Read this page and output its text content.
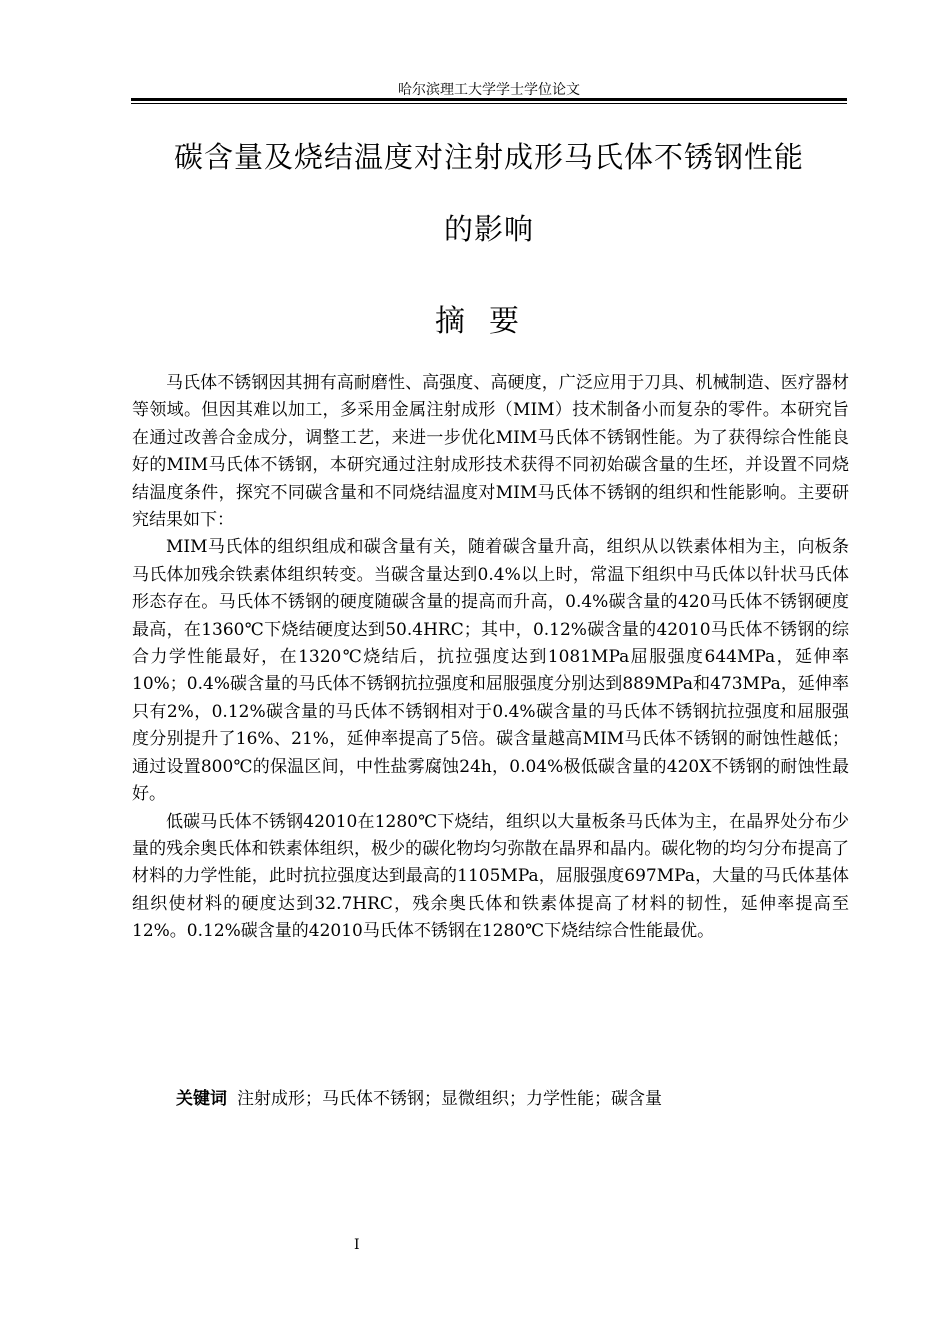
哈尔滨理工大学学士学位论文
碳含量及烧结温度对注射成形马氏体不锈钢性能
的影响
摘要

马氏体不锈钢因其拥有高耐磨性、高强度、高硬度，广泛应用于刀具、机械制造、医疗器材等领域。但因其难以加工，多采用金属注射成形（MIM）技术制备小而复杂的零件。本研究旨在通过改善合金成分，调整工艺，来进一步优化MIM马氏体不锈钢性能。为了获得综合性能良好的MIM马氏体不锈钢，本研究通过注射成形技术获得不同初始碳含量的生坯，并设置不同烧结温度条件，探究不同碳含量和不同烧结温度对MIM马氏体不锈钢的组织和性能影响。主要研究结果如下：

MIM马氏体的组织组成和碳含量有关，随着碳含量升高，组织从以铁素体相为主，向板条马氏体加残余铁素体组织转变。当碳含量达到0.4%以上时，常温下组织中马氏体以针状马氏体形态存在。马氏体不锈钢的硬度随碳含量的提高而升高，0.4%碳含量的420马氏体不锈钢硬度最高，在1360℃下烧结硬度达到50.4HRC；其中，0.12%碳含量的42010马氏体不锈钢的综合力学性能最好，在1320℃烧结后，抗拉强度达到1081MPa屈服强度644MPa，延伸率10%；0.4%碳含量的马氏体不锈钢抗拉强度和屈服强度分别达到889MPa和473MPa，延伸率只有2%，0.12%碳含量的马氏体不锈钢相对于0.4%碳含量的马氏体不锈钢抗拉强度和屈服强度分别提升了16%、21%，延伸率提高了5倍。碳含量越高MIM马氏体不锈钢的耐蚀性越低；通过设置800℃的保温区间，中性盐雾腐蚀24h，0.04%极低碳含量的420X不锈钢的耐蚀性最好。

低碳马氏体不锈钢42010在1280℃下烧结，组织以大量板条马氏体为主，在晶界处分布少量的残余奥氏体和铁素体组织，极少的碳化物均匀弥散在晶界和晶内。碳化物的均匀分布提高了材料的力学性能，此时抗拉强度达到最高的1105MPa，屈服强度697MPa，大量的马氏体基体组织使材料的硬度达到32.7HRC，残余奥氏体和铁素体提高了材料的韧性，延伸率提高至12%。0.12%碳含量的42010马氏体不锈钢在1280℃下烧结综合性能最优。

关键词 注射成形；马氏体不锈钢；显微组织；力学性能；碳含量
I
